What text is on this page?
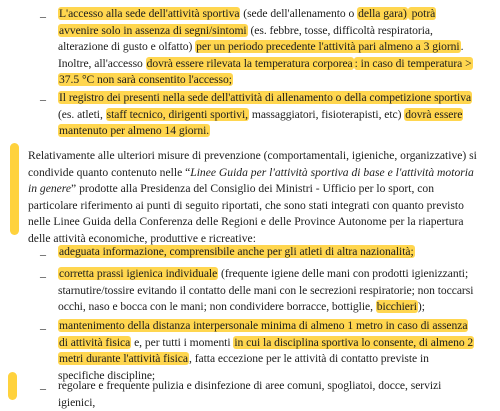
– L'accesso alla sede dell'attività sportiva (sede dell'allenamento o della gara) potrà avvenire solo in assenza di segni/sintomi (es. febbre, tosse, difficoltà respiratoria, alterazione di gusto e olfatto) per un periodo precedente l'attività pari almeno a 3 giorni. Inoltre, all'accesso dovrà essere rilevata la temperatura corporea : in caso di temperatura > 37.5 °C non sarà consentito l'accesso;
– Il registro dei presenti nella sede dell'attività di allenamento o della competizione sportiva (es. atleti, staff tecnico, dirigenti sportivi, massaggiatori, fisioterapisti, etc) dovrà essere mantenuto per almeno 14 giorni.

Relativamente alle ulteriori misure di prevenzione (comportamentali, igieniche, organizzative) si condivide quanto contenuto nelle “Linee Guida per l'attività sportiva di base e l'attività motoria in genere” prodotte alla Presidenza del Consiglio dei Ministri - Ufficio per lo sport, con particolare riferimento ai punti di seguito riportati, che sono stati integrati con quanto previsto nelle Linee Guida della Conferenza delle Regioni e delle Province Autonome per la riapertura delle attività economiche, produttive e ricreative:

– adeguata informazione, comprensibile anche per gli atleti di altra nazionalità;
– corretta prassi igienica individuale (frequente igiene delle mani con prodotti igienizzanti; starnutire/tossire evitando il contatto delle mani con le secrezioni respiratorie; non toccarsi occhi, naso e bocca con le mani; non condividere borracce, bottiglie, bicchieri);
– mantenimento della distanza interpersonale minima di almeno 1 metro in caso di assenza di attività fisica e, per tutti i momenti in cui la disciplina sportiva lo consente, di almeno 2 metri durante l'attività fisica, fatta eccezione per le attività di contatto previste in specifiche discipline;
– regolare e frequente pulizia e disinfezione di aree comuni, spogliatoi, docce, servizi igienici,
